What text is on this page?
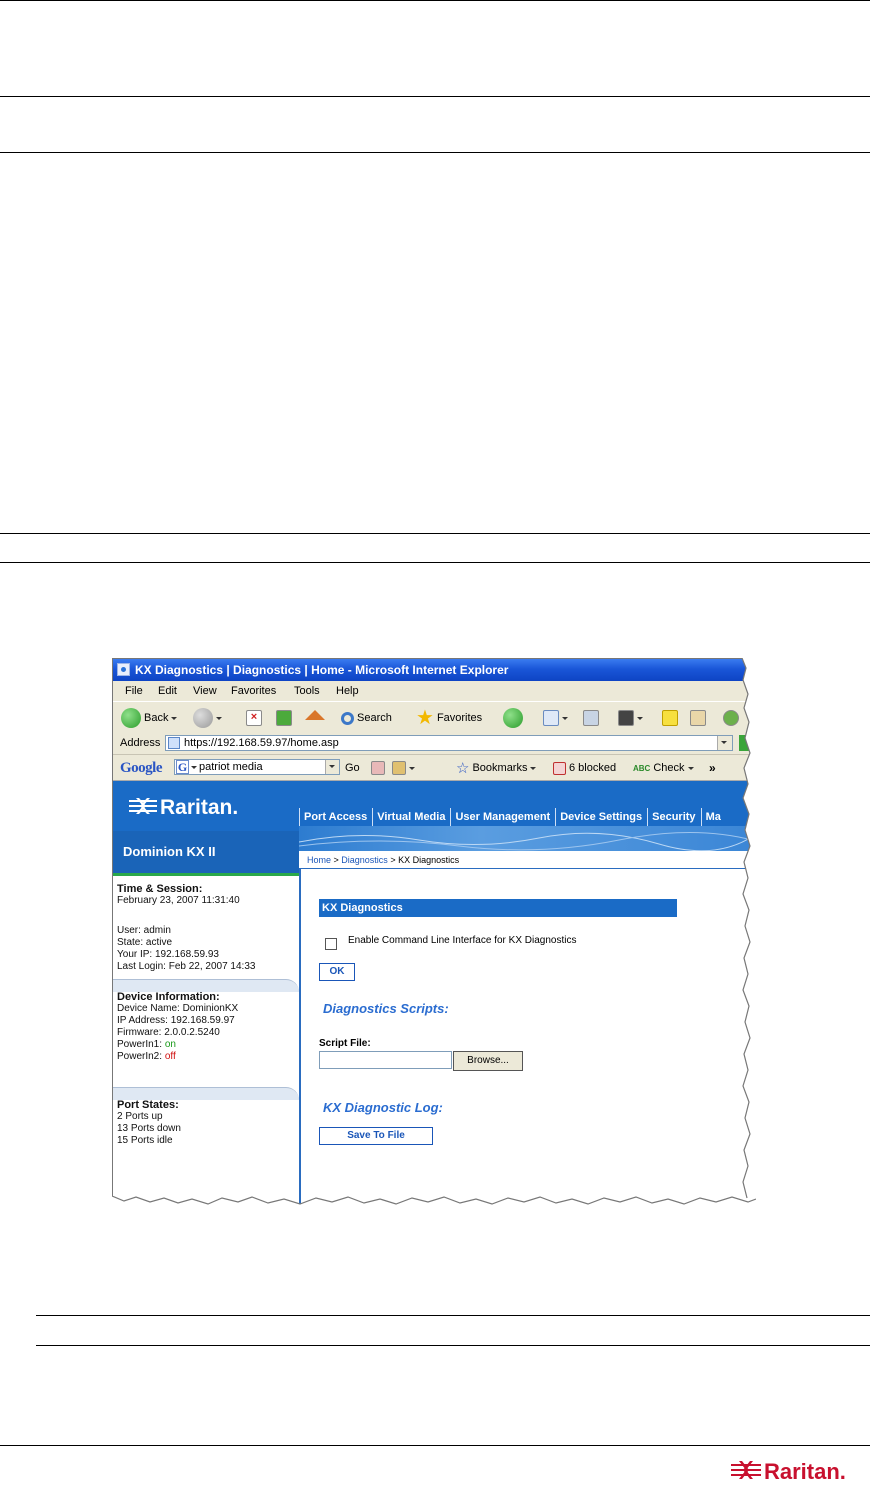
KX Diagnostics | Diagnostics | Home - Microsoft Internet Explorer
File Edit View Favorites Tools Help
Back	×	Search ★ Favorites
Address https://192.168.59.97/home.asp
Google G patriot media	Go	☆ Bookmarks	6 blocked ABC Check »
Raritan.
Dominion KX II
Port Access Virtual Media User Management Device Settings Security Ma
Home > Diagnostics > KX Diagnostics
Time & Session:
February 23, 2007 11:31:40
User: admin
State: active
Your IP: 192.168.59.93
Last Login: Feb 22, 2007 14:33
Device Information:
Device Name: DominionKX
IP Address: 192.168.59.97
Firmware: 2.0.0.2.5240
PowerIn1: on
PowerIn2: off
Port States:
2 Ports up
13 Ports down
15 Ports idle
KX Diagnostics
Enable Command Line Interface for KX Diagnostics
OK
Diagnostics Scripts:
Script File:
Browse...
KX Diagnostic Log:
Save To File
Raritan.
